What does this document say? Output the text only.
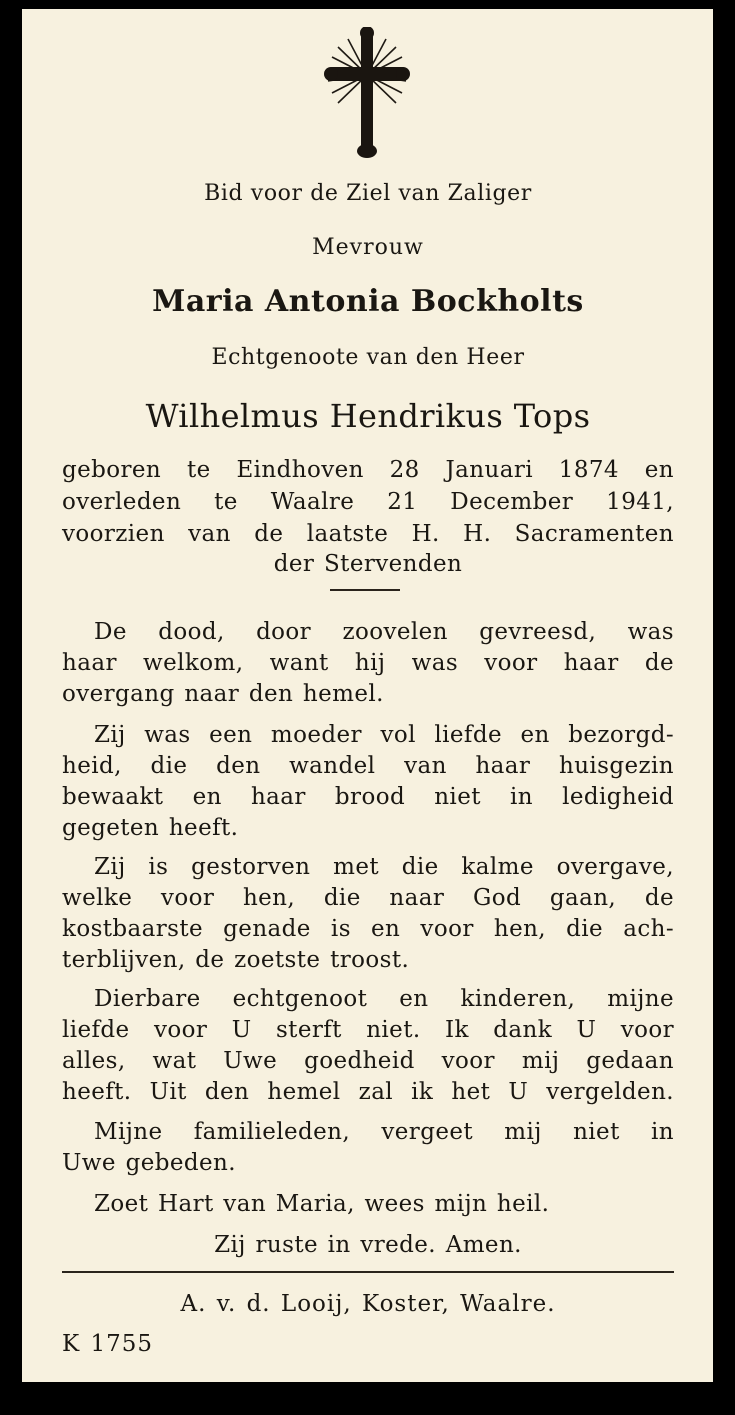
Bid voor de Ziel van Zaliger
Mevrouw
Maria Antonia Bockholts
Echtgenoote van den Heer
Wilhelmus Hendrikus Tops
geboren te Eindhoven 28 Januari 1874 en
overleden te Waalre 21 December 1941,
voorzien van de laatste H. H. Sacramenten
der Stervenden
De dood, door zoovelen gevreesd, was
haar welkom, want hij was voor haar de
overgang naar den hemel.
Zij was een moeder vol liefde en bezorgd-
heid, die den wandel van haar huisgezin
bewaakt en haar brood niet in ledigheid
gegeten heeft.
Zij is gestorven met die kalme overgave,
welke voor hen, die naar God gaan, de
kostbaarste genade is en voor hen, die ach-
terblijven, de zoetste troost.
Dierbare echtgenoot en kinderen, mijne
liefde voor U sterft niet. Ik dank U voor
alles, wat Uwe goedheid voor mij gedaan
heeft. Uit den hemel zal ik het U vergelden.
Mijne familieleden, vergeet mij niet in
Uwe gebeden.
Zoet Hart van Maria, wees mijn heil.
Zij ruste in vrede. Amen.
A. v. d. Looij, Koster, Waalre.
K 1755
